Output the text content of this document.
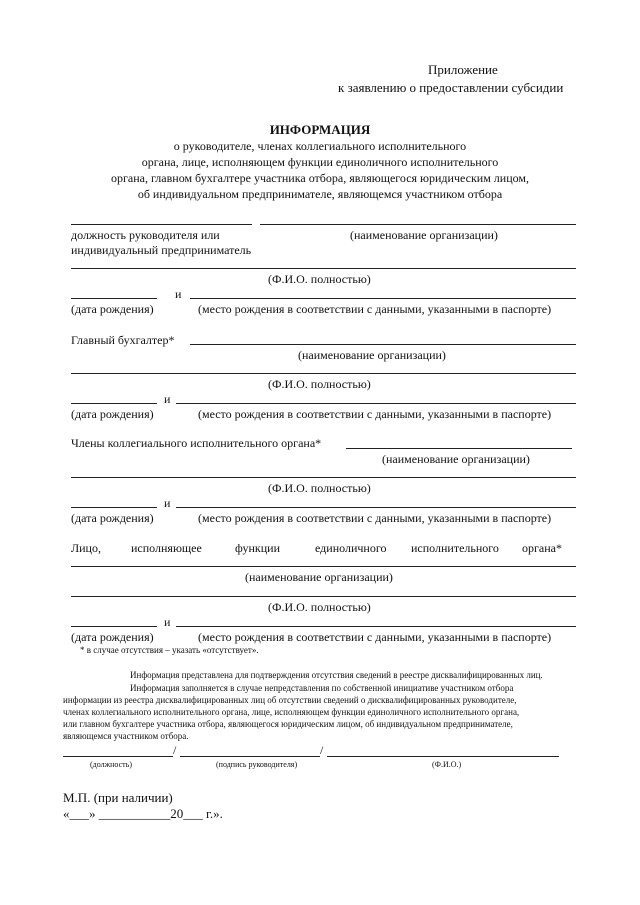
Приложение
к заявлению о предоставлении субсидии
ИНФОРМАЦИЯ
о руководителе, членах коллегиального исполнительного
органа, лице, исполняющем функции единоличного исполнительного
органа, главном бухгалтере участника отбора, являющегося юридическим лицом,
об индивидуальном предпринимателе, являющемся участником отбора
должность руководителя или
индивидуальный предприниматель
(наименование организации)
(Ф.И.О. полностью)
и
(дата рождения)	(место рождения в соответствии с данными, указанными в паспорте)
Главный бухгалтер*
(наименование организации)
(Ф.И.О. полностью)
и
(дата рождения)	(место рождения в соответствии с данными, указанными в паспорте)
Члены коллегиального исполнительного органа*
(наименование организации)
(Ф.И.О. полностью)
и
(дата рождения)	(место рождения в соответствии с данными, указанными в паспорте)
Лицо,	исполняющее	функции	единоличного исполнительного органа*
(наименование организации)
(Ф.И.О. полностью)
и
(дата рождения)	(место рождения в соответствии с данными, указанными в паспорте)
* в случае отсутствия – указать «отсутствует».
Информация представлена для подтверждения отсутствия сведений в реестре дисквалифицированных лиц.
Информация заполняется в случае непредставления по собственной инициативе участником отбора
информации из реестра дисквалифицированных лиц об отсутствии сведений о дисквалифицированных руководителе,
членах коллегиального исполнительного органа, лице, исполняющем функции единоличного исполнительного органа,
или главном бухгалтере участника отбора, являющегося юридическим лицом, об индивидуальном предпринимателе,
являющемся участником отбора.
/	/
(должность)	(подпись руководителя)	(Ф.И.О.)
М.П. (при наличии)
«___» ___________20___ г.».
